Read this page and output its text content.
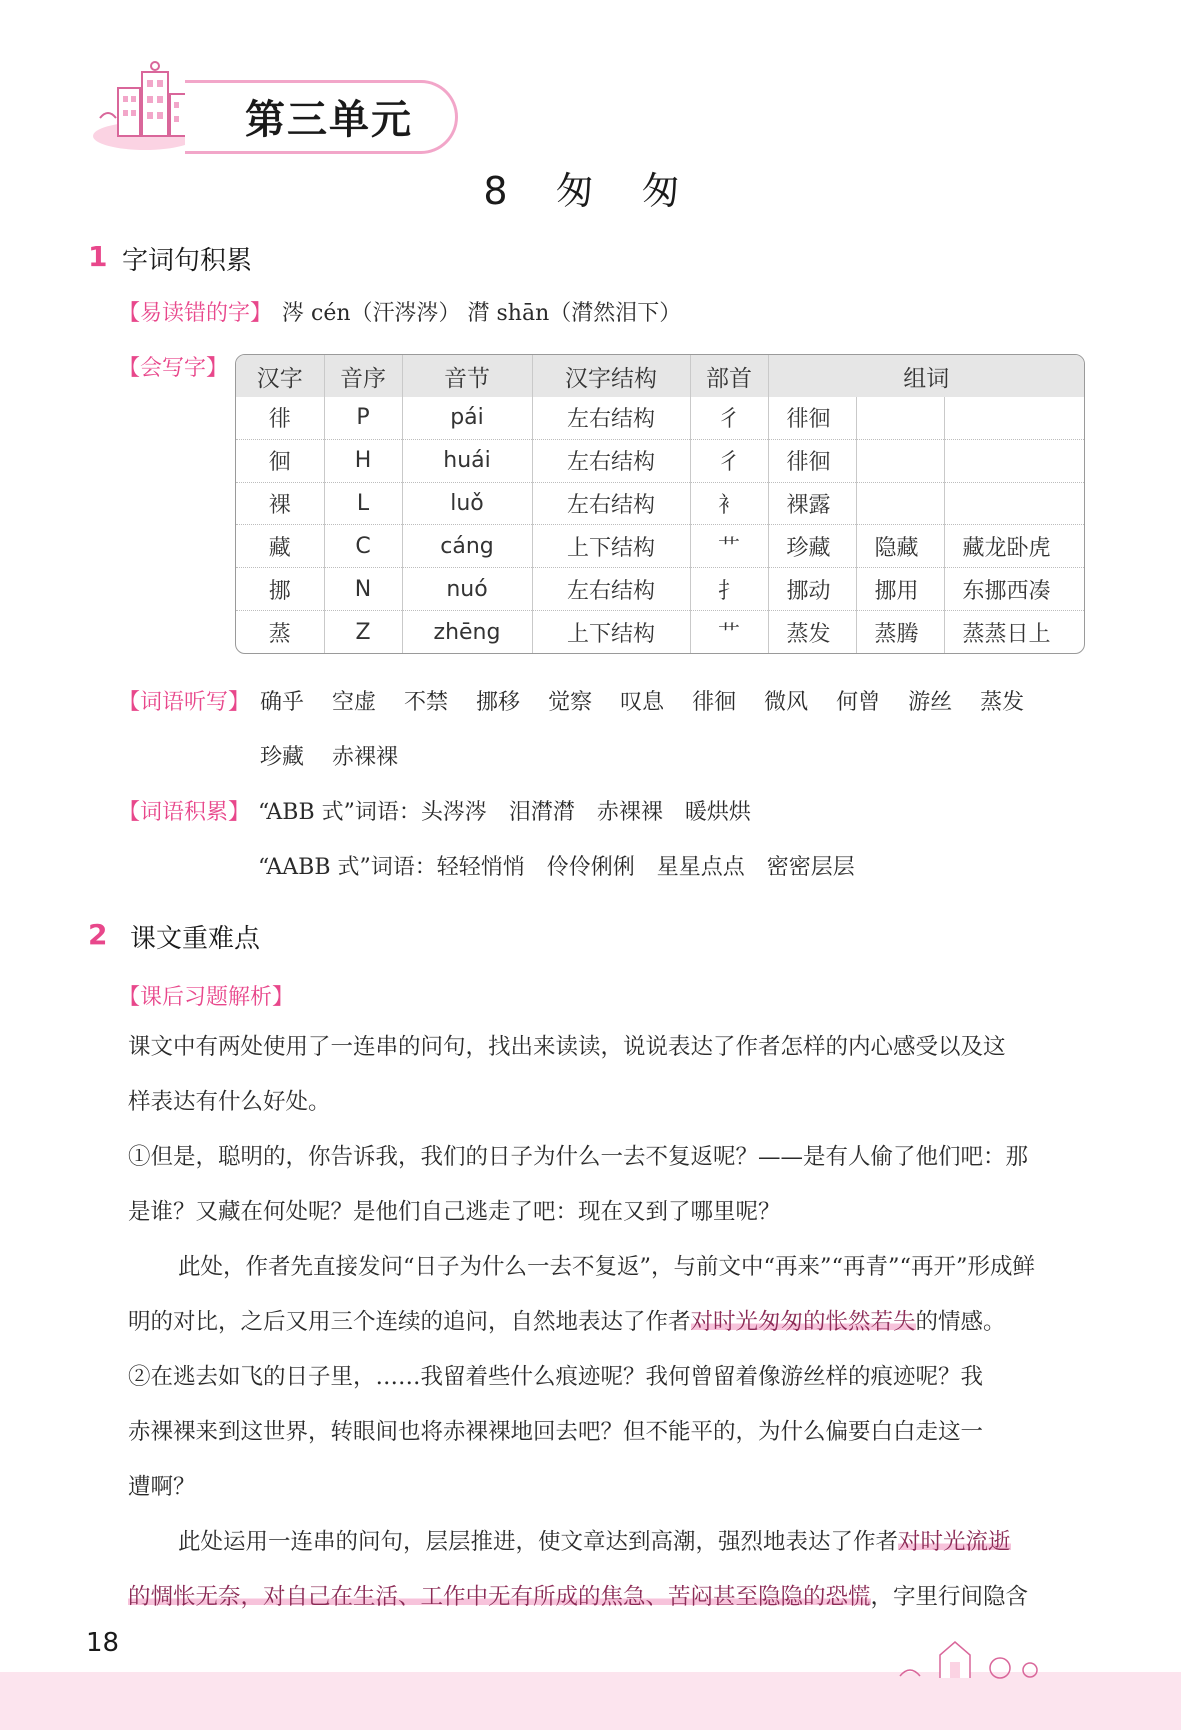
第三单元
8 匆 匆
1 字词句积累
【易读错的字】 涔 cén（汗涔涔） 潸 shān（潸然泪下）
【会写字】 汉字	音序	音节	汉字结构	部首	组词		
徘	P	pái	左右结构	彳	徘徊		
徊	H	huái	左右结构	彳	徘徊		
裸	L	luǒ	左右结构	衤	裸露		
藏	C	cáng	上下结构	艹	珍藏	隐藏	藏龙卧虎
挪	N	nuó	左右结构	扌	挪动	挪用	东挪西凑
蒸	Z	zhēng	上下结构	艹	蒸发	蒸腾	蒸蒸日上
【词语听写】 确乎 空虚 不禁 挪移 觉察 叹息 徘徊 微风 何曾 游丝 蒸发
珍藏 赤裸裸
【词语积累】 “ABB 式”词语：头涔涔　泪潸潸　赤裸裸　暖烘烘
“AABB 式”词语：轻轻悄悄　伶伶俐俐　星星点点　密密层层
2 课文重难点
【课后习题解析】
课文中有两处使用了一连串的问句，找出来读读，说说表达了作者怎样的内心感受以及这
样表达有什么好处。
①但是，聪明的，你告诉我，我们的日子为什么一去不复返呢？——是有人偷了他们吧：那
是谁？又藏在何处呢？是他们自己逃走了吧：现在又到了哪里呢？
此处，作者先直接发问“日子为什么一去不复返”，与前文中“再来”“再青”“再开”形成鲜
明的对比，之后又用三个连续的追问，自然地表达了作者对时光匆匆的怅然若失的情感。
②在逃去如飞的日子里，……我留着些什么痕迹呢？我何曾留着像游丝样的痕迹呢？我
赤裸裸来到这世界，转眼间也将赤裸裸地回去吧？但不能平的，为什么偏要白白走这一
遭啊？
此处运用一连串的问句，层层推进，使文章达到高潮，强烈地表达了作者对时光流逝
的惆怅无奈，对自己在生活、工作中无有所成的焦急、苦闷甚至隐隐的恐慌，字里行间隐含
18
